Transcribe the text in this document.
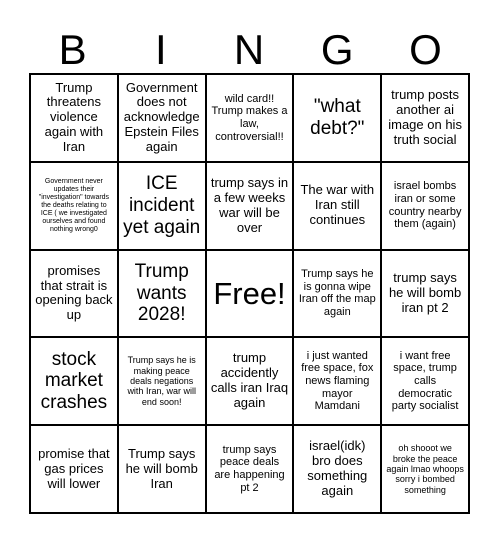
B	I	N	G	O
Trump threatens violence again with Iran
Government does not acknowledge Epstein Files again
wild card!! Trump makes a law, controversial!!
"what debt?"
trump posts another ai image on his truth social
Government never updates their "investigation" towards the deaths relating to ICE ( we investigated ourselves and found nothing wrong0
ICE incident yet again
trump says in a few weeks war will be over
The war with Iran still continues
israel bombs iran or some country nearby them (again)
promises that strait is opening back up
Trump wants 2028!
Free!
Trump says he is gonna wipe Iran off the map again
trump says he will bomb iran pt 2
stock market crashes
Trump says he is making peace deals negations with Iran, war will end soon!
trump accidently calls iran Iraq again
i just wanted free space, fox news flaming mayor Mamdani
i want free space, trump calls democratic party socialist
promise that gas prices will lower
Trump says he will bomb Iran
trump says peace deals are happening pt 2
israel(idk) bro does something again
oh shooot we broke the peace again lmao whoops sorry i bombed something
